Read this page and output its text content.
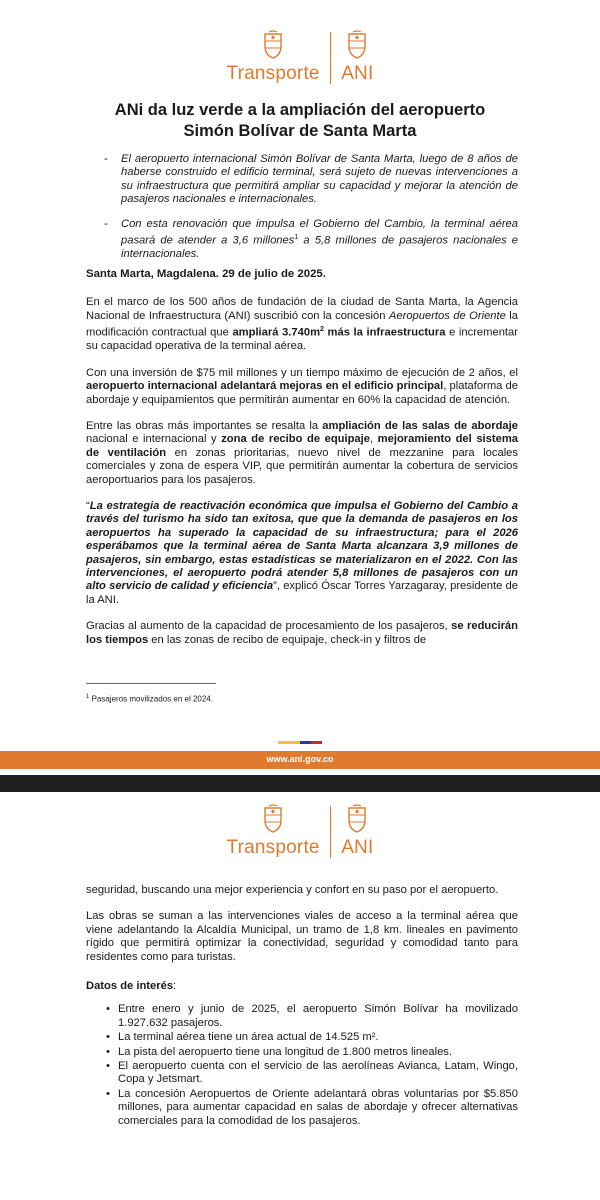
Transporte ANI
ANi da luz verde a la ampliación del aeropuerto
Simón Bolívar de Santa Marta
- El aeropuerto internacional Simón Bolívar de Santa Marta, luego de 8 años de haberse construido el edificio terminal, será sujeto de nuevas intervenciones a su infraestructura que permitirá ampliar su capacidad y mejorar la atención de pasajeros nacionales e internacionales.
- Con esta renovación que impulsa el Gobierno del Cambio, la terminal aérea pasará de atender a 3,6 millones$^1$ a 5,8 millones de pasajeros nacionales e internacionales.

Santa Marta, Magdalena. 29 de julio de 2025.

En el marco de los 500 años de fundación de la ciudad de Santa Marta, la Agencia Nacional de Infraestructura (ANI) suscribió con la concesión Aeropuertos de Oriente la modificación contractual que ampliará $3.740m^2$ más la infraestructura e incrementar su capacidad operativa de la terminal aérea.

Con una inversión de $75 mil millones y un tiempo máximo de ejecución de 2 años, el aeropuerto internacional adelantará mejoras en el edificio principal, plataforma de abordaje y equipamientos que permitirán aumentar en 60% la capacidad de atención.

Entre las obras más importantes se resalta la ampliación de las salas de abordaje nacional e internacional y zona de recibo de equipaje, mejoramiento del sistema de ventilación en zonas prioritarias, nuevo nivel de mezzanine para locales comerciales y zona de espera VIP, que permitirán aumentar la cobertura de servicios aeroportuarios para los pasajeros.

“La estrategia de reactivación económica que impulsa el Gobierno del Cambio a través del turismo ha sido tan exitosa, que que la demanda de pasajeros en los aeropuertos ha superado la capacidad de su infraestructura; para el 2026 esperábamos que la terminal aérea de Santa Marta alcanzara 3,9 millones de pasajeros, sin embargo, estas estadísticas se materializaron en el 2022. Con las intervenciones, el aeropuerto podrá atender 5,8 millones de pasajeros con un alto servicio de calidad y eficiencia”, explicó Óscar Torres Yarzagaray, presidente de la ANI.

Gracias al aumento de la capacidad de procesamiento de los pasajeros, se reducirán los tiempos en las zonas de recibo de equipaje, check-in y filtros de

$^1$ Pasajeros movilizados en el 2024.
www.ani.gov.co
Transporte ANI

seguridad, buscando una mejor experiencia y confort en su paso por el aeropuerto.

Las obras se suman a las intervenciones viales de acceso a la terminal aérea que viene adelantando la Alcaldía Municipal, un tramo de 1,8 km. lineales en pavimento rígido que permitirá optimizar la conectividad, seguridad y comodidad tanto para residentes como para turistas.

Datos de interés:

• Entre enero y junio de 2025, el aeropuerto Simón Bolívar ha movilizado 1.927.632 pasajeros.
• La terminal aérea tiene un área actual de 14.525 m².
• La pista del aeropuerto tiene una longitud de 1.800 metros lineales.
• El aeropuerto cuenta con el servicio de las aerolíneas Avianca, Latam, Wingo, Copa y Jetsmart.
• La concesión Aeropuertos de Oriente adelantará obras voluntarias por $5.850 millones, para aumentar capacidad en salas de abordaje y ofrecer alternativas comerciales para la comodidad de los pasajeros.
